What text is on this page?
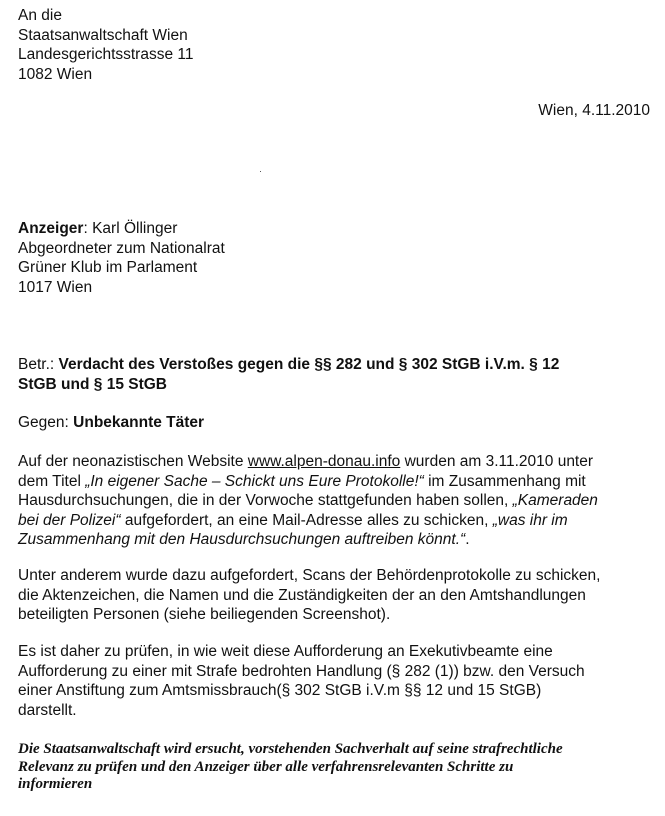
An die
Staatsanwaltschaft Wien
Landesgerichtsstrasse 11
1082 Wien
Wien, 4.11.2010
Anzeiger: Karl Öllinger
Abgeordneter zum Nationalrat
Grüner Klub im Parlament
1017 Wien
Betr.: Verdacht des Verstoßes gegen die §§ 282 und § 302 StGB i.V.m. § 12
StGB und § 15 StGB
Gegen: Unbekannte Täter
Auf der neonazistischen Website www.alpen-donau.info wurden am 3.11.2010 unter
dem Titel „In eigener Sache – Schickt uns Eure Protokolle!“ im Zusammenhang mit
Hausdurchsuchungen, die in der Vorwoche stattgefunden haben sollen, „Kameraden
bei der Polizei“ aufgefordert, an eine Mail-Adresse alles zu schicken, „was ihr im
Zusammenhang mit den Hausdurchsuchungen auftreiben könnt.“.
Unter anderem wurde dazu aufgefordert, Scans der Behördenprotokolle zu schicken,
die Aktenzeichen, die Namen und die Zuständigkeiten der an den Amtshandlungen
beteiligten Personen (siehe beiliegenden Screenshot).
Es ist daher zu prüfen, in wie weit diese Aufforderung an Exekutivbeamte eine
Aufforderung zu einer mit Strafe bedrohten Handlung (§ 282 (1)) bzw. den Versuch
einer Anstiftung zum Amtsmissbrauch(§ 302 StGB i.V.m §§ 12 und 15 StGB)
darstellt.
Die Staatsanwaltschaft wird ersucht, vorstehenden Sachverhalt auf seine strafrechtliche
Relevanz zu prüfen und den Anzeiger über alle verfahrensrelevanten Schritte zu
informieren
